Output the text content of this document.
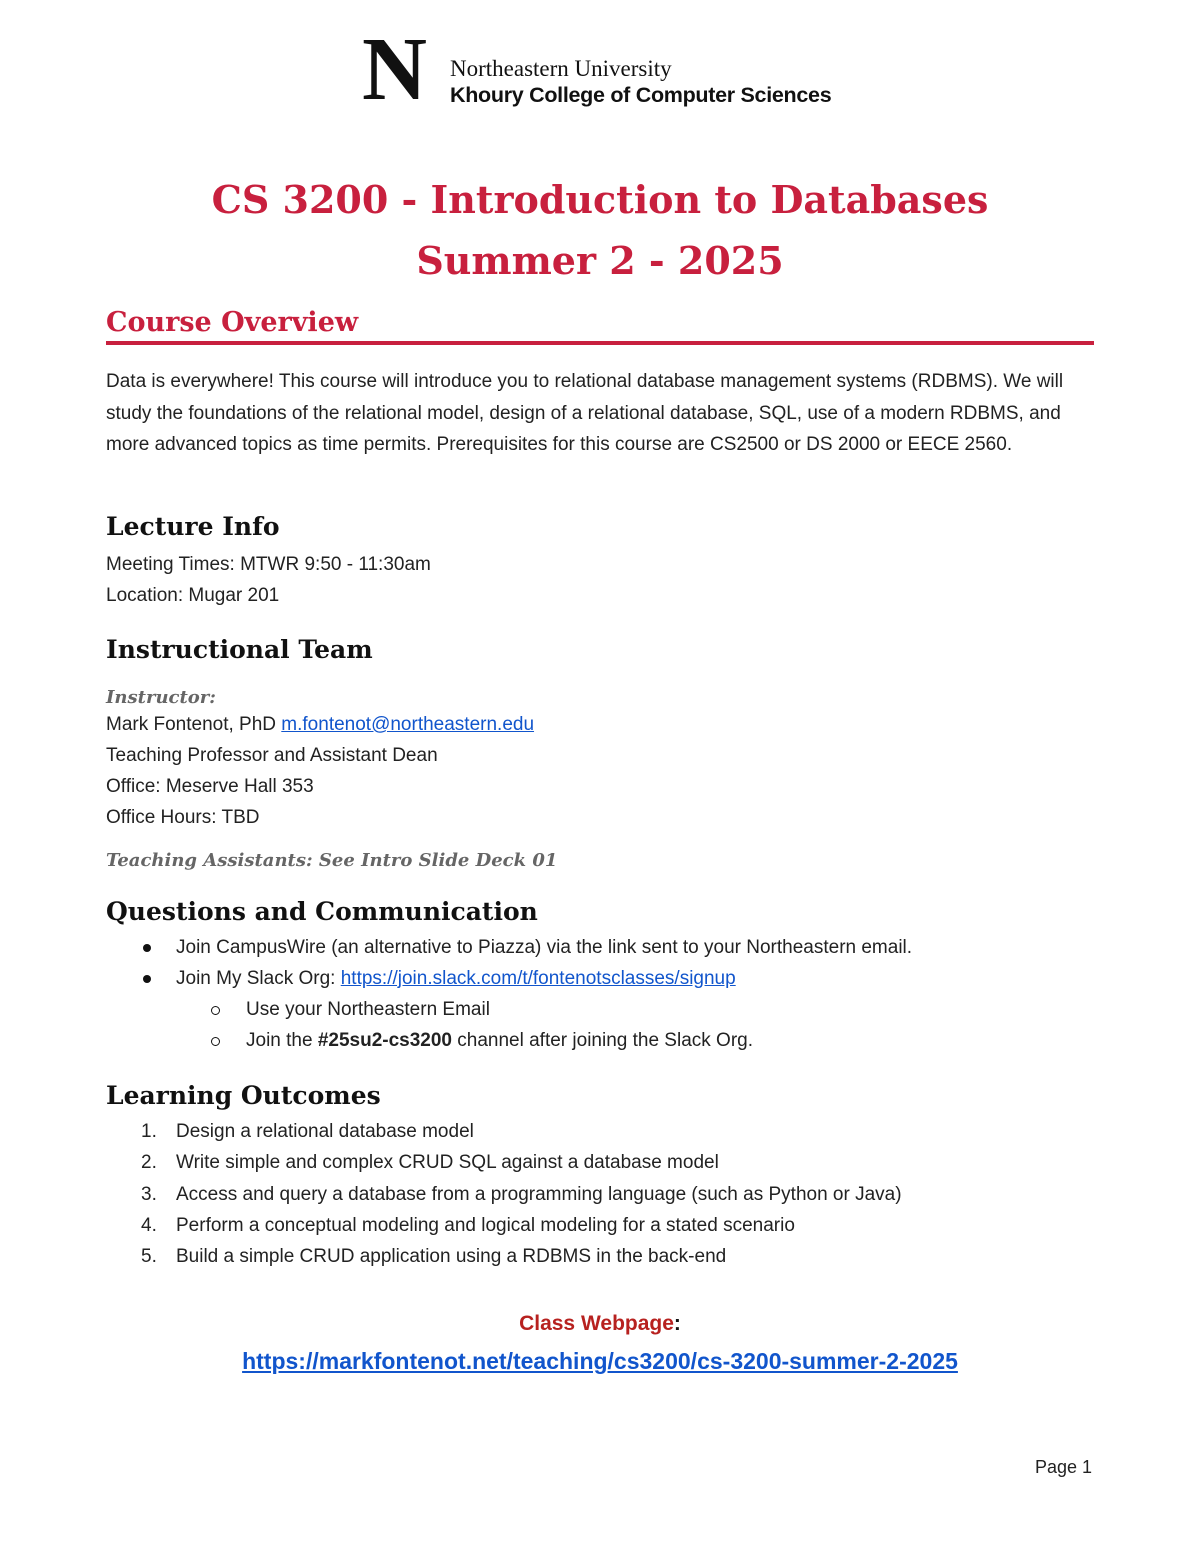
N Northeastern University
Khoury College of Computer Sciences
CS 3200 - Introduction to Databases
Summer 2 - 2025
Course Overview
Data is everywhere! This course will introduce you to relational database management systems (RDBMS). We will study the foundations of the relational model, design of a relational database, SQL, use of a modern RDBMS, and more advanced topics as time permits. Prerequisites for this course are CS2500 or DS 2000 or EECE 2560.
Lecture Info
Meeting Times: MTWR 9:50 - 11:30am
Location: Mugar 201
Instructional Team
Instructor:
Mark Fontenot, PhD m.fontenot@northeastern.edu
Teaching Professor and Assistant Dean
Office: Meserve Hall 353
Office Hours: TBD
Teaching Assistants: See Intro Slide Deck 01
Questions and Communication
Join CampusWire (an alternative to Piazza) via the link sent to your Northeastern email.
Join My Slack Org: https://join.slack.com/t/fontenotsclasses/signup
Use your Northeastern Email
Join the #25su2-cs3200 channel after joining the Slack Org.
Learning Outcomes
1. Design a relational database model
2. Write simple and complex CRUD SQL against a database model
3. Access and query a database from a programming language (such as Python or Java)
4. Perform a conceptual modeling and logical modeling for a stated scenario
5. Build a simple CRUD application using a RDBMS in the back-end
Class Webpage:
https://markfontenot.net/teaching/cs3200/cs-3200-summer-2-2025
Page 1
